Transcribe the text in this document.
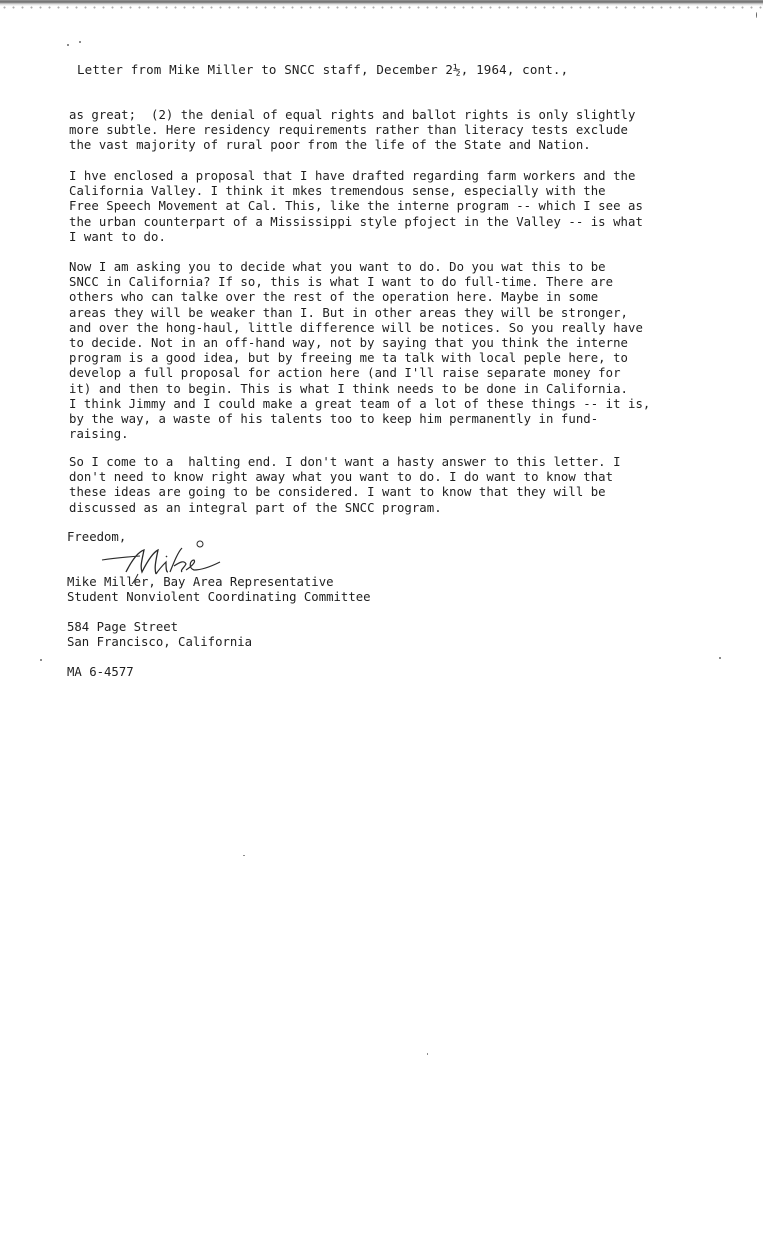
Letter from Mike Miller to SNCC staff, December 2½, 1964, cont.,
as great;  (2) the denial of equal rights and ballot rights is only slightly
more subtle. Here residency requirements rather than literacy tests exclude
the vast majority of rural poor from the life of the State and Nation.
I hve enclosed a proposal that I have drafted regarding farm workers and the
California Valley. I think it mkes tremendous sense, especially with the
Free Speech Movement at Cal. This, like the interne program -- which I see as
the urban counterpart of a Mississippi style pfoject in the Valley -- is what
I want to do.
Now I am asking you to decide what you want to do. Do you wat this to be
SNCC in California? If so, this is what I want to do full-time. There are
others who can talke over the rest of the operation here. Maybe in some
areas they will be weaker than I. But in other areas they will be stronger,
and over the hong-haul, little difference will be notices. So you really have
to decide. Not in an off-hand way, not by saying that you think the interne
program is a good idea, but by freeing me ta talk with local peple here, to
develop a full proposal for action here (and I'll raise separate money for
it) and then to begin. This is what I think needs to be done in California.
I think Jimmy and I could make a great team of a lot of these things -- it is,
by the way, a waste of his talents too to keep him permanently in fund-
raising.
So I come to a  halting end. I don't want a hasty answer to this letter. I
don't need to know right away what you want to do. I do want to know that
these ideas are going to be considered. I want to know that they will be
discussed as an integral part of the SNCC program.
Freedom,
Mike Miller, Bay Area Representative
Student Nonviolent Coordinating Committee
584 Page Street
San Francisco, California
MA 6-4577
